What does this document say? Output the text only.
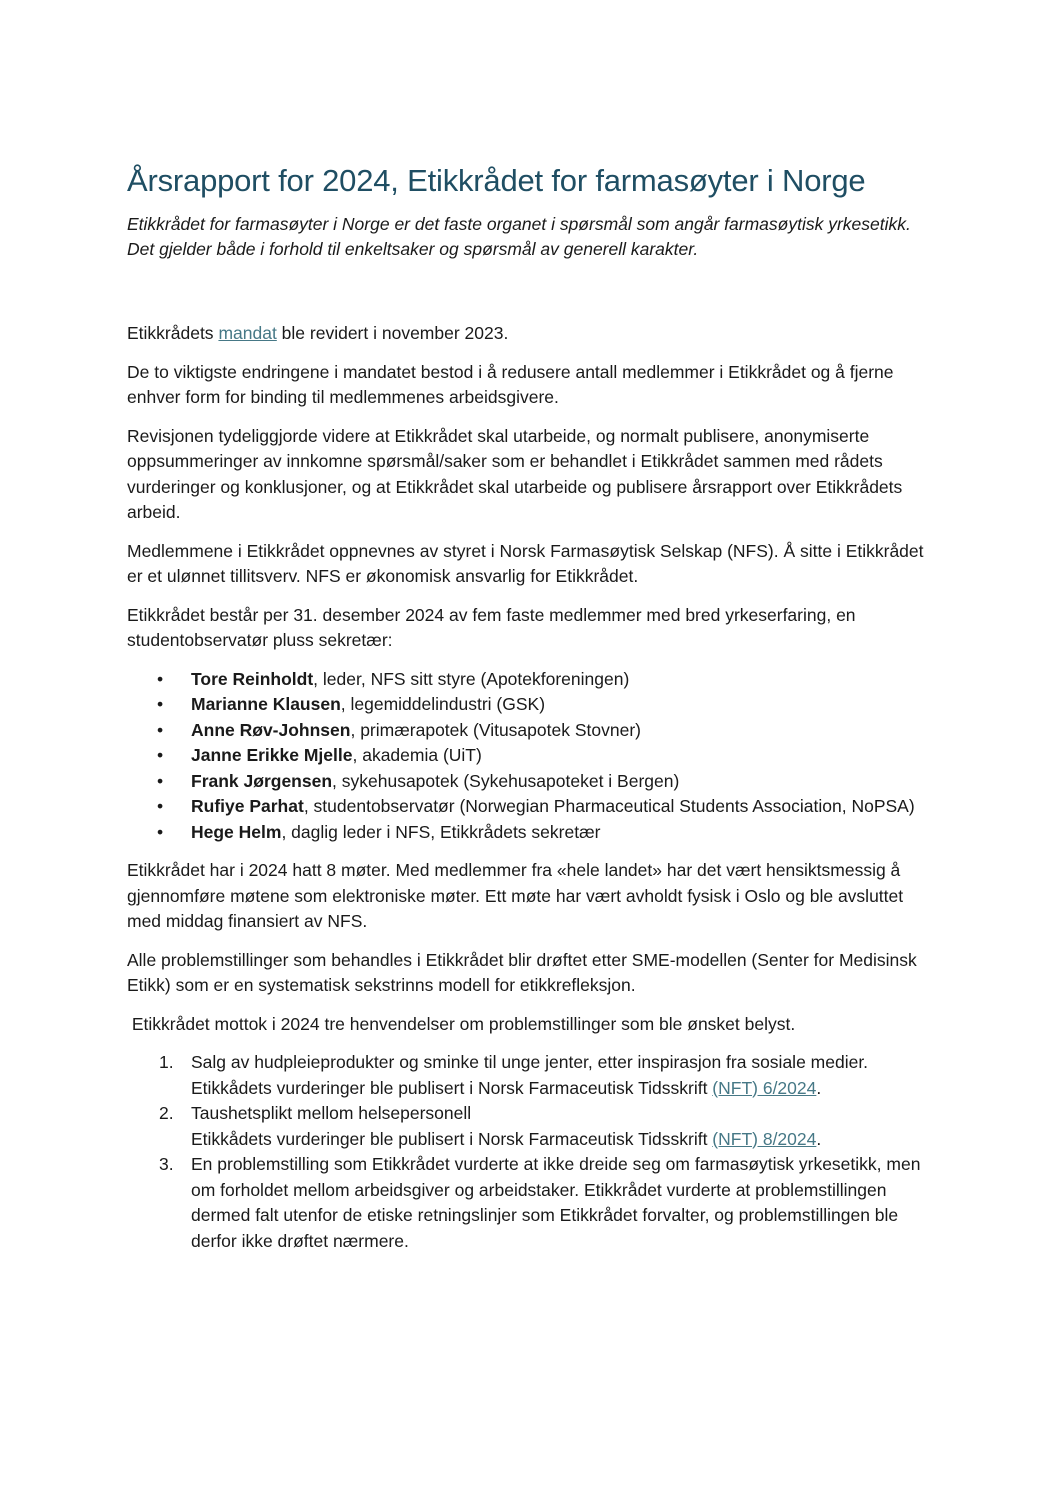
Årsrapport for 2024, Etikkrådet for farmasøyter i Norge

Etikkrådet for farmasøyter i Norge er det faste organet i spørsmål som angår farmasøytisk yrkesetikk. Det gjelder både i forhold til enkeltsaker og spørsmål av generell karakter.

Etikkrådets mandat ble revidert i november 2023.

De to viktigste endringene i mandatet bestod i å redusere antall medlemmer i Etikkrådet og å fjerne enhver form for binding til medlemmenes arbeidsgivere.

Revisjonen tydeliggjorde videre at Etikkrådet skal utarbeide, og normalt publisere, anonymiserte oppsummeringer av innkomne spørsmål/saker som er behandlet i Etikkrådet sammen med rådets vurderinger og konklusjoner, og at Etikkrådet skal utarbeide og publisere årsrapport over Etikkrådets arbeid.

Medlemmene i Etikkrådet oppnevnes av styret i Norsk Farmasøytisk Selskap (NFS). Å sitte i Etikkrådet er et ulønnet tillitsverv. NFS er økonomisk ansvarlig for Etikkrådet.

Etikkrådet består per 31. desember 2024 av fem faste medlemmer med bred yrkeserfaring, en studentobservatør pluss sekretær:

• Tore Reinholdt, leder, NFS sitt styre (Apotekforeningen)
• Marianne Klausen, legemiddelindustri (GSK)
• Anne Røv-Johnsen, primærapotek (Vitusapotek Stovner)
• Janne Erikke Mjelle, akademia (UiT)
• Frank Jørgensen, sykehusapotek (Sykehusapoteket i Bergen)
• Rufiye Parhat, studentobservatør (Norwegian Pharmaceutical Students Association, NoPSA)
• Hege Helm, daglig leder i NFS, Etikkrådets sekretær

Etikkrådet har i 2024 hatt 8 møter. Med medlemmer fra «hele landet» har det vært hensiktsmessig å gjennomføre møtene som elektroniske møter. Ett møte har vært avholdt fysisk i Oslo og ble avsluttet med middag finansiert av NFS.

Alle problemstillinger som behandles i Etikkrådet blir drøftet etter SME-modellen (Senter for Medisinsk Etikk) som er en systematisk sekstrinns modell for etikkrefleksjon.

Etikkrådet mottok i 2024 tre henvendelser om problemstillinger som ble ønsket belyst.

1. Salg av hudpleieprodukter og sminke til unge jenter, etter inspirasjon fra sosiale medier.
Etikkådets vurderinger ble publisert i Norsk Farmaceutisk Tidsskrift (NFT) 6/2024.
2. Taushetsplikt mellom helsepersonell
Etikkådets vurderinger ble publisert i Norsk Farmaceutisk Tidsskrift (NFT) 8/2024.
3. En problemstilling som Etikkrådet vurderte at ikke dreide seg om farmasøytisk yrkesetikk, men om forholdet mellom arbeidsgiver og arbeidstaker. Etikkrådet vurderte at problemstillingen dermed falt utenfor de etiske retningslinjer som Etikkrådet forvalter, og problemstillingen ble derfor ikke drøftet nærmere.
